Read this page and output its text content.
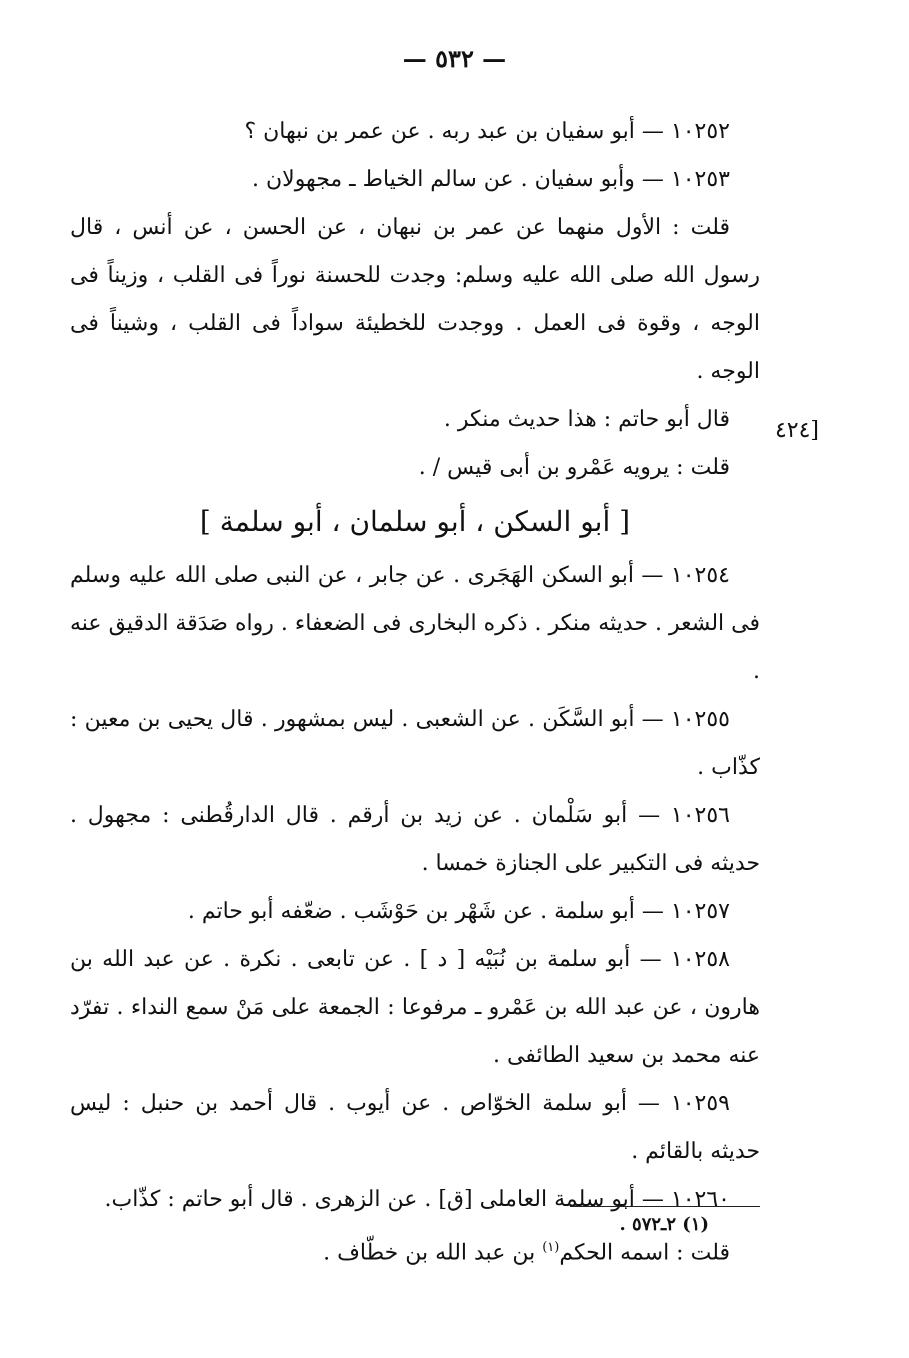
— ٥٣٢ —
[٤٢٤

١٠٢٥٢ — أبو سفيان بن عبد ربه . عن عمر بن نبهان ؟

١٠٢٥٣ — وأبو سفيان . عن سالم الخياط ـ مجهولان .

قلت : الأول منهما عن عمر بن نبهان ، عن الحسن ، عن أنس ، قال رسول الله صلى الله عليه وسلم: وجدت للحسنة نوراً فى القلب ، وزيناً فى الوجه ، وقوة فى العمل . ووجدت للخطيئة سواداً فى القلب ، وشيناً فى الوجه .

قال أبو حاتم : هذا حديث منكر .

قلت : يرويه عَمْرو بن أبى قيس / .

[ أبو السكن ، أبو سلمان ، أبو سلمة ]

١٠٢٥٤ — أبو السكن الهَجَرى . عن جابر ، عن النبى صلى الله عليه وسلم فى الشعر . حديثه منكر . ذكره البخارى فى الضعفاء . رواه صَدَقة الدقيق عنه .

١٠٢٥٥ — أبو السَّكَن . عن الشعبى . ليس بمشهور . قال يحيى بن معين : كذّاب .

١٠٢٥٦ — أبو سَلْمان . عن زيد بن أرقم . قال الدارقُطنى : مجهول . حديثه فى التكبير على الجنازة خمسا .

١٠٢٥٧ — أبو سلمة . عن شَهْر بن حَوْشَب . ضعّفه أبو حاتم .

١٠٢٥٨ — أبو سلمة بن نُبَيْه [ د ] . عن تابعى . نكرة . عن عبد الله بن هارون ، عن عبد الله بن عَمْرو ـ مرفوعا : الجمعة على مَنْ سمع النداء . تفرّد عنه محمد بن سعيد الطائفى .

١٠٢٥٩ — أبو سلمة الخوّاص . عن أيوب . قال أحمد بن حنبل : ليس حديثه بالقائم .

١٠٢٦٠ — أبو سلمة العاملى [ق] . عن الزهرى . قال أبو حاتم : كذّاب.

قلت : اسمه الحكم$^{(١)}$ بن عبد الله بن خطّاف .

(١) ٢ـ٥٧٢ .
